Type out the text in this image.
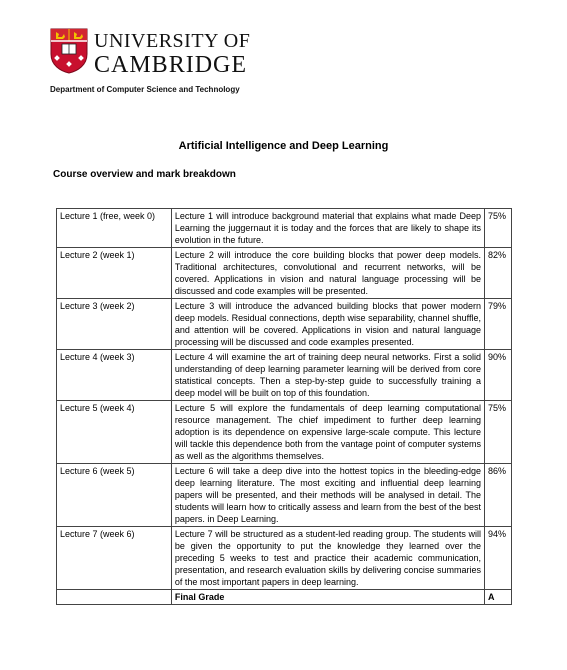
UNIVERSITY OF
CAMBRIDGE
Department of Computer Science and Technology
Artificial Intelligence and Deep Learning
Course overview and mark breakdown
Lecture 1 (free, week 0)	Lecture 1 will introduce background material that explains what made Deep Learning the juggernaut it is today and the forces that are likely to shape its evolution in the future.	75%
Lecture 2 (week 1)	Lecture 2 will introduce the core building blocks that power deep models. Traditional architectures, convolutional and recurrent networks, will be covered. Applications in vision and natural language processing will be discussed and code examples will be presented.	82%
Lecture 3 (week 2)	Lecture 3 will introduce the advanced building blocks that power modern deep models. Residual connections, depth wise separability, channel shuffle, and attention will be covered. Applications in vision and natural language processing will be discussed and code examples presented.	79%
Lecture 4 (week 3)	Lecture 4 will examine the art of training deep neural networks. First a solid understanding of deep learning parameter learning will be derived from core statistical concepts. Then a step-by-step guide to successfully training a deep model will be built on top of this foundation.	90%
Lecture 5 (week 4)	Lecture 5 will explore the fundamentals of deep learning computational resource management. The chief impediment to further deep learning adoption is its dependence on expensive large-scale compute. This lecture will tackle this dependence both from the vantage point of computer systems as well as the algorithms themselves.	75%
Lecture 6 (week 5)	Lecture 6 will take a deep dive into the hottest topics in the bleeding-edge deep learning literature. The most exciting and influential deep learning papers will be presented, and their methods will be analysed in detail. The students will learn how to critically assess and learn from the best of the best papers. in Deep Learning.	86%
Lecture 7 (week 6)	Lecture 7 will be structured as a student-led reading group. The students will be given the opportunity to put the knowledge they learned over the preceding 5 weeks to test and practice their academic communication, presentation, and research evaluation skills by delivering concise summaries of the most important papers in deep learning.	94%
	Final Grade	A
